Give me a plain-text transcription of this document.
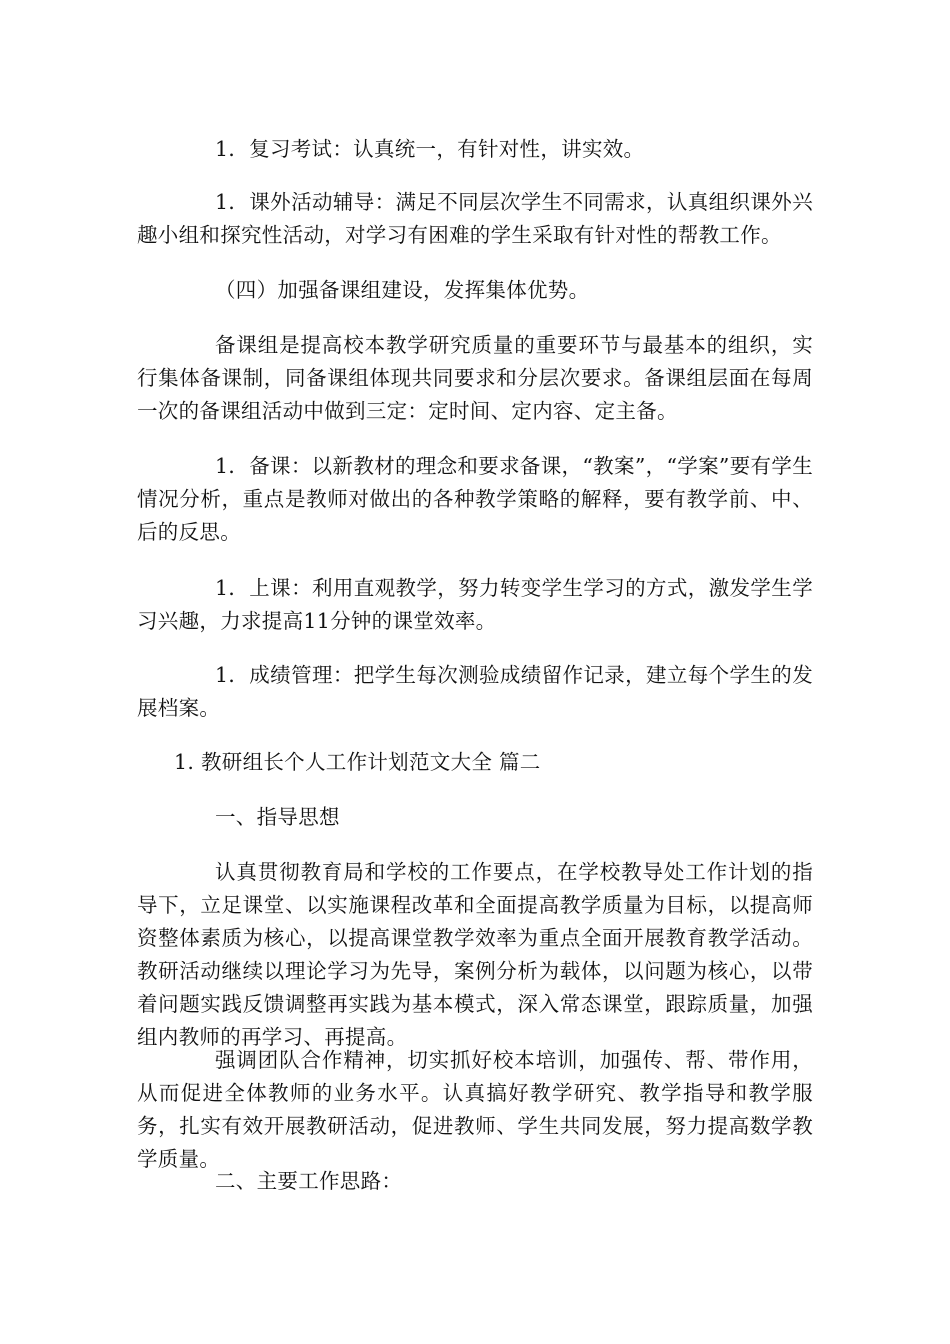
1．复习考试：认真统一，有针对性，讲实效。

1．课外活动辅导：满足不同层次学生不同需求，认真组织课外兴趣小组和探究性活动，对学习有困难的学生采取有针对性的帮教工作。

（四）加强备课组建设，发挥集体优势。

备课组是提高校本教学研究质量的重要环节与最基本的组织，实行集体备课制，同备课组体现共同要求和分层次要求。备课组层面在每周一次的备课组活动中做到三定：定时间、定内容、定主备。

1．备课：以新教材的理念和要求备课，“教案”，“学案”要有学生情况分析，重点是教师对做出的各种教学策略的解释，要有教学前、中、后的反思。

1．上课：利用直观教学，努力转变学生学习的方式，激发学生学习兴趣，力求提高11分钟的课堂效率。

1．成绩管理：把学生每次测验成绩留作记录，建立每个学生的发展档案。

1. 教研组长个人工作计划范文大全 篇二

一、指导思想

认真贯彻教育局和学校的工作要点，在学校教导处工作计划的指导下，立足课堂、以实施课程改革和全面提高教学质量为目标，以提高师资整体素质为核心，以提高课堂教学效率为重点全面开展教育教学活动。教研活动继续以理论学习为先导，案例分析为载体，以问题为核心，以带着问题实践反馈调整再实践为基本模式，深入常态课堂，跟踪质量，加强组内教师的再学习、再提高。

强调团队合作精神，切实抓好校本培训，加强传、帮、带作用，从而促进全体教师的业务水平。认真搞好教学研究、教学指导和教学服务，扎实有效开展教研活动，促进教师、学生共同发展，努力提高数学教学质量。

二、主要工作思路：
